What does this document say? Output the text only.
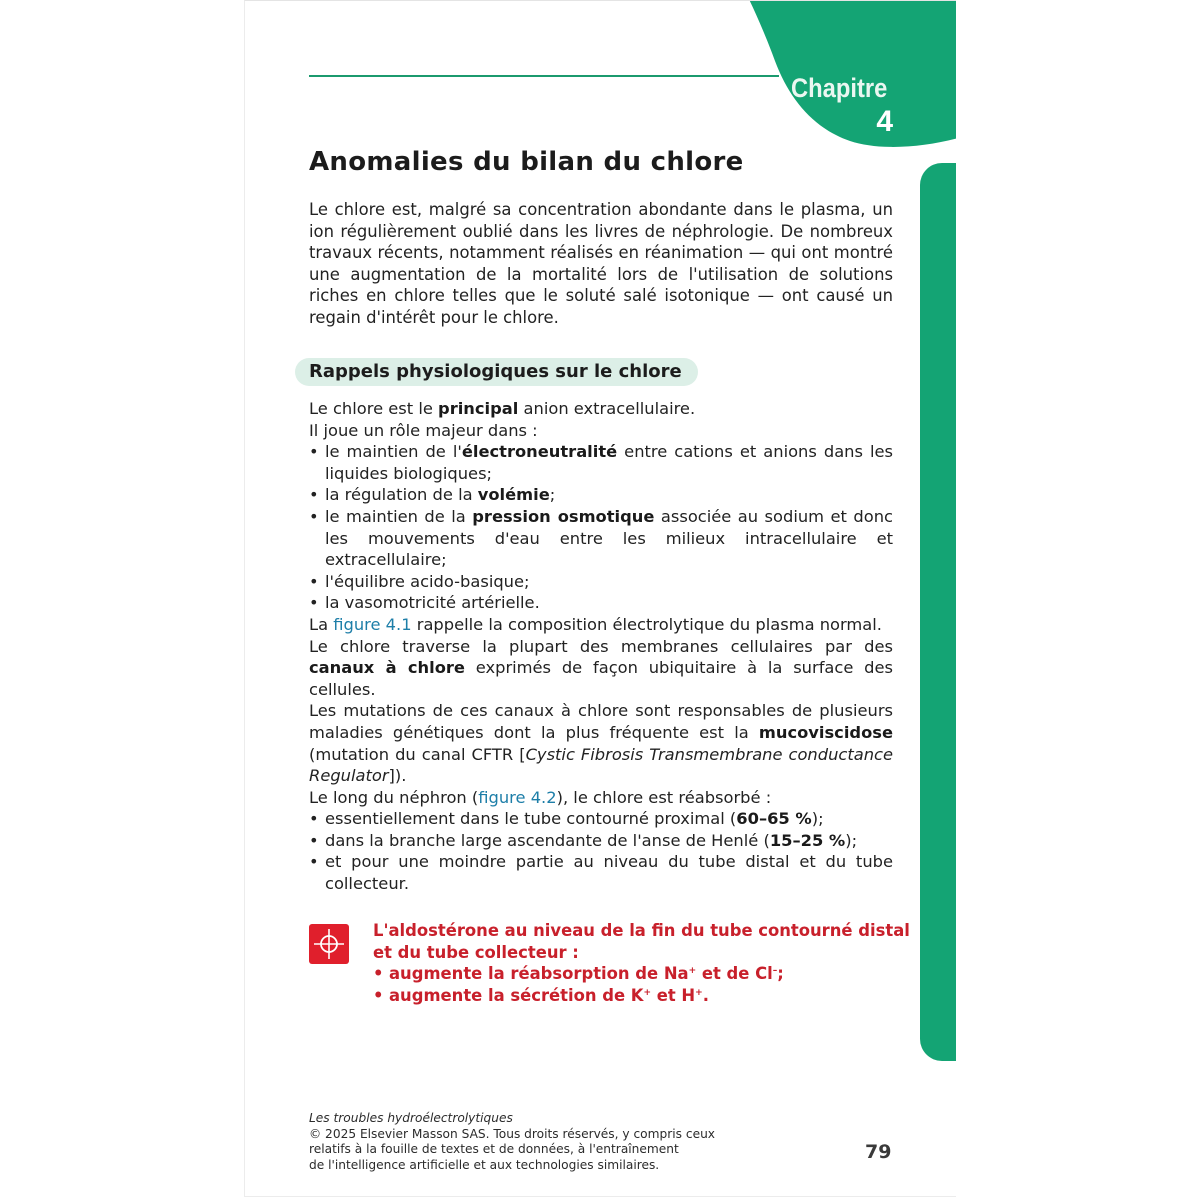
Chapitre
4
Anomalies du bilan du chlore

Le chlore est, malgré sa concentration abondante dans le plasma, un ion régulièrement oublié dans les livres de néphrologie. De nombreux travaux récents, notamment réalisés en réanimation — qui ont montré une augmentation de la mortalité lors de l'utilisation de solutions riches en chlore telles que le soluté salé isotonique — ont causé un regain d'intérêt pour le chlore.

Rappels physiologiques sur le chlore

Le chlore est le principal anion extracellulaire.

Il joue un rôle majeur dans :

• le maintien de l'électroneutralité entre cations et anions dans les liquides biologiques;
• la régulation de la volémie;
• le maintien de la pression osmotique associée au sodium et donc les mouvements d'eau entre les milieux intracellulaire et extracellulaire;
• l'équilibre acido-basique;
• la vasomotricité artérielle.

La figure 4.1 rappelle la composition électrolytique du plasma normal.

Le chlore traverse la plupart des membranes cellulaires par des canaux à chlore exprimés de façon ubiquitaire à la surface des cellules.

Les mutations de ces canaux à chlore sont responsables de plusieurs maladies génétiques dont la plus fréquente est la mucoviscidose (mutation du canal CFTR [Cystic Fibrosis Transmembrane conductance Regulator]).

Le long du néphron (figure 4.2), le chlore est réabsorbé :

• essentiellement dans le tube contourné proximal (60–65 %);
• dans la branche large ascendante de l'anse de Henlé (15–25 %);
• et pour une moindre partie au niveau du tube distal et du tube collecteur.
L'aldostérone au niveau de la fin du tube contourné distal et du tube collecteur :
• augmente la réabsorption de Na+ et de Cl–;
• augmente la sécrétion de K+ et H+.
Les troubles hydroélectrolytiques
© 2025 Elsevier Masson SAS. Tous droits réservés, y compris ceux
relatifs à la fouille de textes et de données, à l'entraînement
de l'intelligence artificielle et aux technologies similaires.
79
